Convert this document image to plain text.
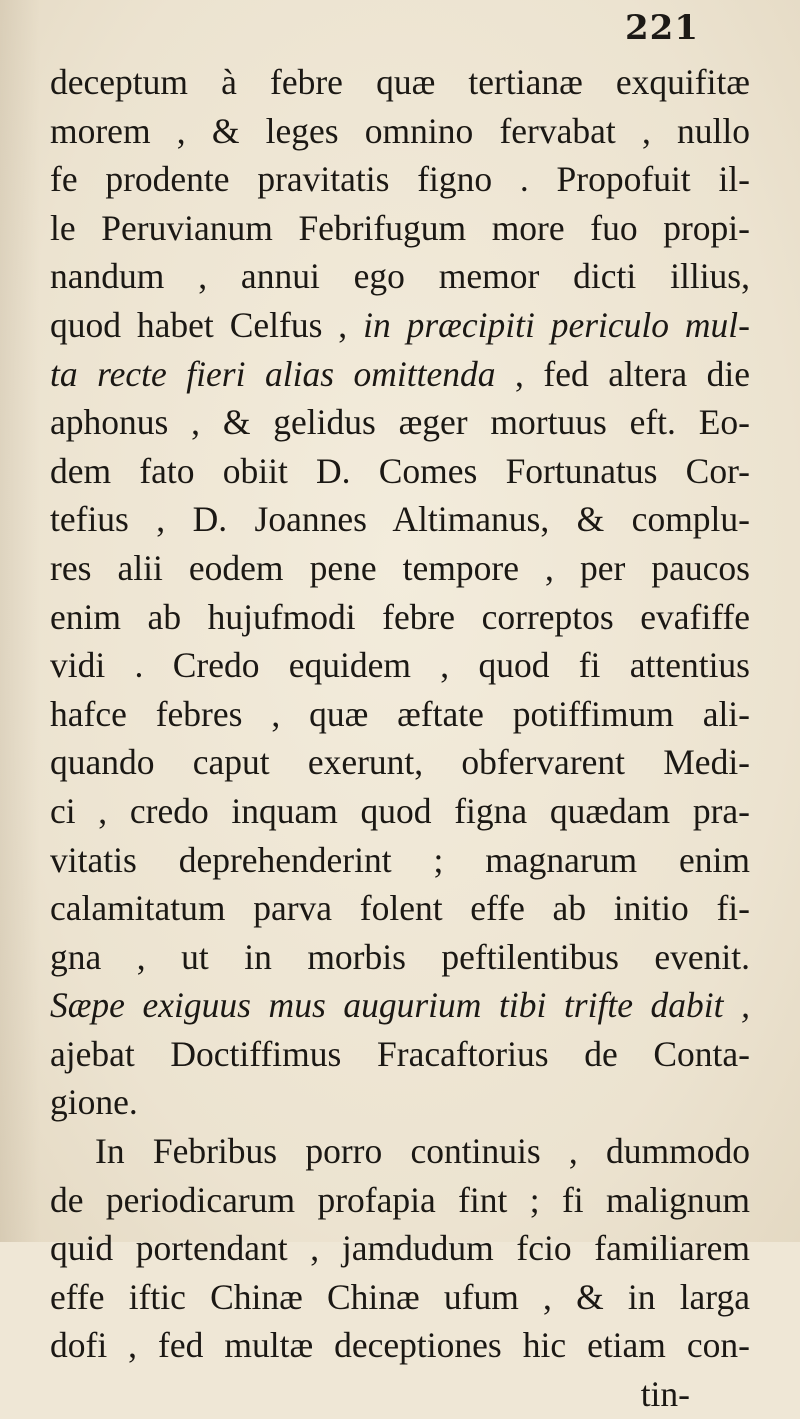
221
deceptum à febre quæ tertianæ exquifitæ
morem , & leges omnino fervabat , nullo
fe prodente pravitatis figno . Propofuit il-
le Peruvianum Febrifugum more fuo propi-
nandum , annui ego memor dicti illius,
quod habet Celfus , in præcipiti periculo mul-
ta recte fieri alias omittenda , fed altera die
aphonus , & gelidus æger mortuus eft. Eo-
dem fato obiit D. Comes Fortunatus Cor-
tefius , D. Joannes Altimanus, & complu-
res alii eodem pene tempore , per paucos
enim ab hujufmodi febre correptos evafiffe
vidi . Credo equidem , quod fi attentius
hafce febres , quæ æftate potiffimum ali-
quando caput exerunt, obfervarent Medi-
ci , credo inquam quod figna quædam pra-
vitatis deprehenderint ; magnarum enim
calamitatum parva folent effe ab initio fi-
gna , ut in morbis peftilentibus evenit.
Sæpe exiguus mus augurium tibi trifte dabit ,
ajebat Doctiffimus Fracaftorius de Conta-
gione.
In Febribus porro continuis , dummodo
de periodicarum profapia fint ; fi malignum
quid portendant , jamdudum fcio familiarem
effe iftic Chinæ Chinæ ufum , & in larga
dofi , fed multæ deceptiones hic etiam con-
tin-
